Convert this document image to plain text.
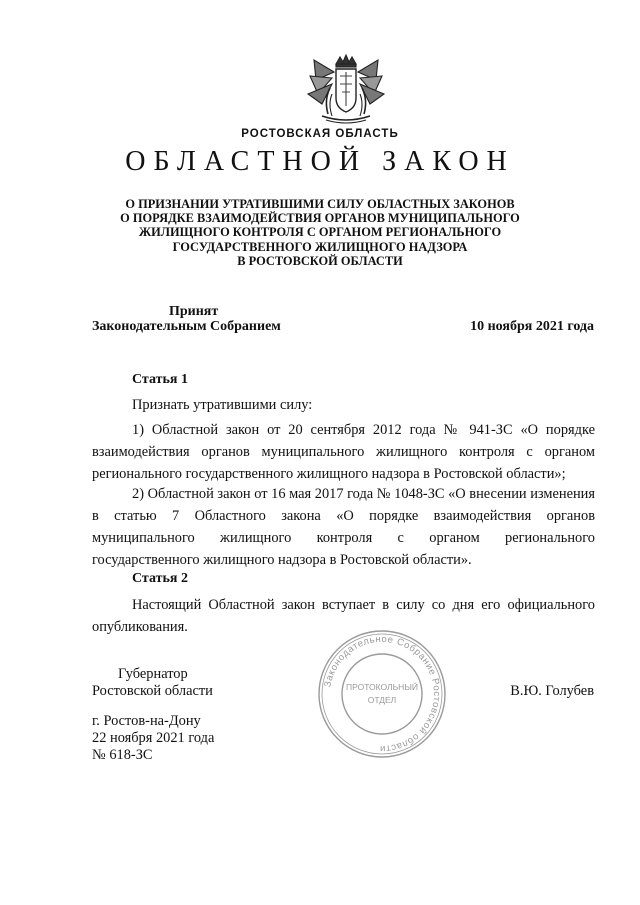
РОСТОВСКАЯ ОБЛАСТЬ
ОБЛАСТНОЙ ЗАКОН
О ПРИЗНАНИИ УТРАТИВШИМИ СИЛУ ОБЛАСТНЫХ ЗАКОНОВ
О ПОРЯДКЕ ВЗАИМОДЕЙСТВИЯ ОРГАНОВ МУНИЦИПАЛЬНОГО
ЖИЛИЩНОГО КОНТРОЛЯ С ОРГАНОМ РЕГИОНАЛЬНОГО
ГОСУДАРСТВЕННОГО ЖИЛИЩНОГО НАДЗОРА
В РОСТОВСКОЙ ОБЛАСТИ
Принят
Законодательным Собранием	10 ноября 2021 года
Статья 1

Признать утратившими силу:

1) Областной закон от 20 сентября 2012 года № 941-ЗС «О порядке взаимодействия органов муниципального жилищного контроля с органом регионального государственного жилищного надзора в Ростовской области»;

2) Областной закон от 16 мая 2017 года № 1048-ЗС «О внесении изменения в статью 7 Областного закона «О порядке взаимодействия органов муниципального жилищного контроля с органом регионального государственного жилищного надзора в Ростовской области».

Статья 2

Настоящий Областной закон вступает в силу со дня его официального опубликования.

Губернатор
Ростовской области	В.Ю. Голубев
Законодательное Собрание Ростовской области
ПРОТОКОЛЬНЫЙ
ОТДЕЛ
г. Ростов-на-Дону
22 ноября 2021 года
№ 618-ЗС
